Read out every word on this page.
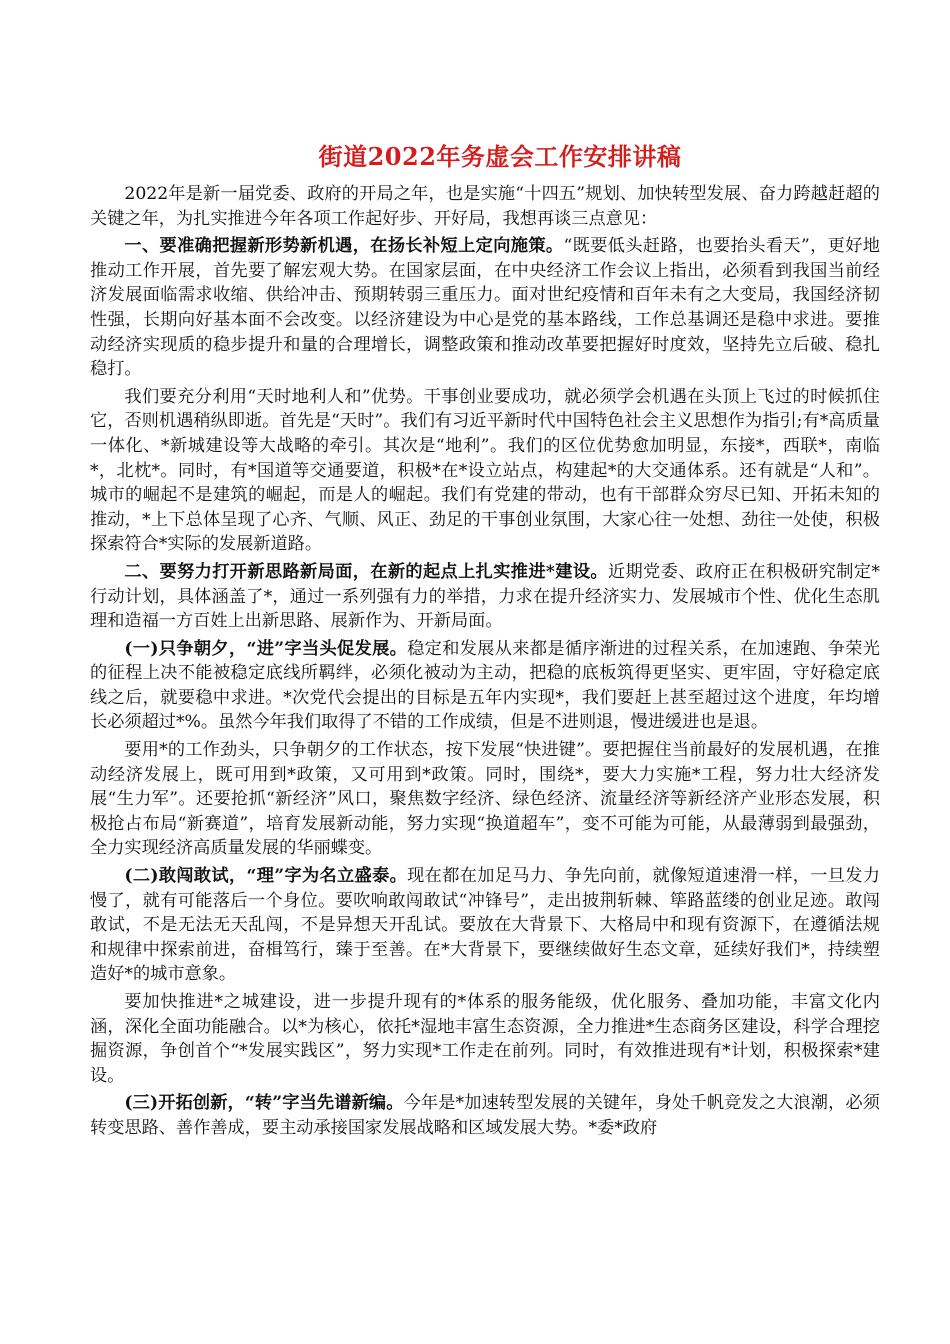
街道2022年务虚会工作安排讲稿

2022年是新一届党委、政府的开局之年，也是实施“十四五”规划、加快转型发展、奋力跨越赶超的关键之年，为扎实推进今年各项工作起好步、开好局，我想再谈三点意见：

一、要准确把握新形势新机遇，在扬长补短上定向施策。“既要低头赶路，也要抬头看天”，更好地推动工作开展，首先要了解宏观大势。在国家层面，在中央经济工作会议上指出，必须看到我国当前经济发展面临需求收缩、供给冲击、预期转弱三重压力。面对世纪疫情和百年未有之大变局，我国经济韧性强，长期向好基本面不会改变。以经济建设为中心是党的基本路线，工作总基调还是稳中求进。要推动经济实现质的稳步提升和量的合理增长，调整政策和推动改革要把握好时度效，坚持先立后破、稳扎稳打。

我们要充分利用“天时地利人和”优势。干事创业要成功，就必须学会机遇在头顶上飞过的时候抓住它，否则机遇稍纵即逝。首先是“天时”。我们有习近平新时代中国特色社会主义思想作为指引;有*高质量一体化、*新城建设等大战略的牵引。其次是“地利”。我们的区位优势愈加明显，东接*，西联*，南临*，北枕*。同时，有*国道等交通要道，积极*在*设立站点，构建起*的大交通体系。还有就是“人和”。城市的崛起不是建筑的崛起，而是人的崛起。我们有党建的带动，也有干部群众穷尽已知、开拓未知的推动，*上下总体呈现了心齐、气顺、风正、劲足的干事创业氛围，大家心往一处想、劲往一处使，积极探索符合*实际的发展新道路。

二、要努力打开新思路新局面，在新的起点上扎实推进*建设。近期党委、政府正在积极研究制定*行动计划，具体涵盖了*，通过一系列强有力的举措，力求在提升经济实力、发展城市个性、优化生态肌理和造福一方百姓上出新思路、展新作为、开新局面。

(一)只争朝夕，“进”字当头促发展。稳定和发展从来都是循序渐进的过程关系，在加速跑、争荣光的征程上决不能被稳定底线所羁绊，必须化被动为主动，把稳的底板筑得更坚实、更牢固，守好稳定底线之后，就要稳中求进。*次党代会提出的目标是五年内实现*，我们要赶上甚至超过这个进度，年均增长必须超过*%。虽然今年我们取得了不错的工作成绩，但是不进则退，慢进缓进也是退。

要用*的工作劲头，只争朝夕的工作状态，按下发展“快进键”。要把握住当前最好的发展机遇，在推动经济发展上，既可用到*政策，又可用到*政策。同时，围绕*，要大力实施*工程，努力壮大经济发展“生力军”。还要抢抓“新经济”风口，聚焦数字经济、绿色经济、流量经济等新经济产业形态发展，积极抢占布局“新赛道”，培育发展新动能，努力实现“换道超车”，变不可能为可能，从最薄弱到最强劲，全力实现经济高质量发展的华丽蝶变。

(二)敢闯敢试，“理”字为名立盛泰。现在都在加足马力、争先向前，就像短道速滑一样，一旦发力慢了，就有可能落后一个身位。要吹响敢闯敢试“冲锋号”，走出披荆斩棘、筚路蓝缕的创业足迹。敢闯敢试，不是无法无天乱闯，不是异想天开乱试。要放在大背景下、大格局中和现有资源下，在遵循法规和规律中探索前进，奋楫笃行，臻于至善。在*大背景下，要继续做好生态文章，延续好我们*，持续塑造好*的城市意象。

要加快推进*之城建设，进一步提升现有的*体系的服务能级，优化服务、叠加功能，丰富文化内涵，深化全面功能融合。以*为核心，依托*湿地丰富生态资源，全力推进*生态商务区建设，科学合理挖掘资源，争创首个“*发展实践区”，努力实现*工作走在前列。同时，有效推进现有*计划，积极探索*建设。

(三)开拓创新，“转”字当先谱新编。今年是*加速转型发展的关键年，身处千帆竞发之大浪潮，必须转变思路、善作善成，要主动承接国家发展战略和区域发展大势。*委*政府
